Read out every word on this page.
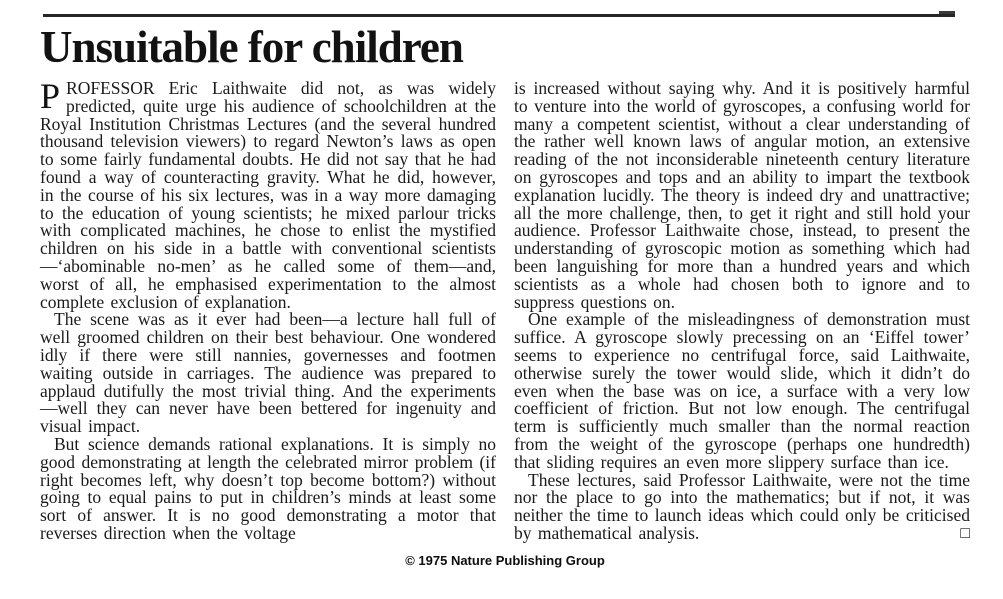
Unsuitable for children

PROFESSOR Eric Laithwaite did not, as was widely predicted, quite urge his audience of schoolchildren at the Royal Institution Christmas Lectures (and the several hundred thousand television viewers) to regard Newton’s laws as open to some fairly fundamental doubts. He did not say that he had found a way of counteracting gravity. What he did, however, in the course of his six lectures, was in a way more damaging to the education of young scientists; he mixed parlour tricks with complicated machines, he chose to enlist the mystified children on his side in a battle with conventional scientists—‘abominable no-men’ as he called some of them—and, worst of all, he emphasised experimentation to the almost complete exclusion of explanation.

The scene was as it ever had been—a lecture hall full of well groomed children on their best behaviour. One wondered idly if there were still nannies, governesses and footmen waiting outside in carriages. The audience was prepared to applaud dutifully the most trivial thing. And the experiments—well they can never have been bettered for ingenuity and visual impact.

But science demands rational explanations. It is simply no good demonstrating at length the celebrated mirror problem (if right becomes left, why doesn’t top become bottom?) without going to equal pains to put in children’s minds at least some sort of answer. It is no good demonstrating a motor that reverses direction when the voltage

is increased without saying why. And it is positively harmful to venture into the world of gyroscopes, a confusing world for many a competent scientist, without a clear understanding of the rather well known laws of angular motion, an extensive reading of the not inconsiderable nineteenth century literature on gyroscopes and tops and an ability to impart the textbook explanation lucidly. The theory is indeed dry and unattractive; all the more challenge, then, to get it right and still hold your audience. Professor Laithwaite chose, instead, to present the understanding of gyroscopic motion as something which had been languishing for more than a hundred years and which scientists as a whole had chosen both to ignore and to suppress questions on.

One example of the misleadingness of demonstration must suffice. A gyroscope slowly precessing on an ‘Eiffel tower’ seems to experience no centrifugal force, said Laithwaite, otherwise surely the tower would slide, which it didn’t do even when the base was on ice, a surface with a very low coefficient of friction. But not low enough. The centrifugal term is sufficiently much smaller than the normal reaction from the weight of the gyroscope (perhaps one hundredth) that sliding requires an even more slippery surface than ice.

These lectures, said Professor Laithwaite, were not the time nor the place to go into the mathematics; but if not, it was neither the time to launch ideas which could only be criticised by mathematical analysis.	□

© 1975 Nature Publishing Group
